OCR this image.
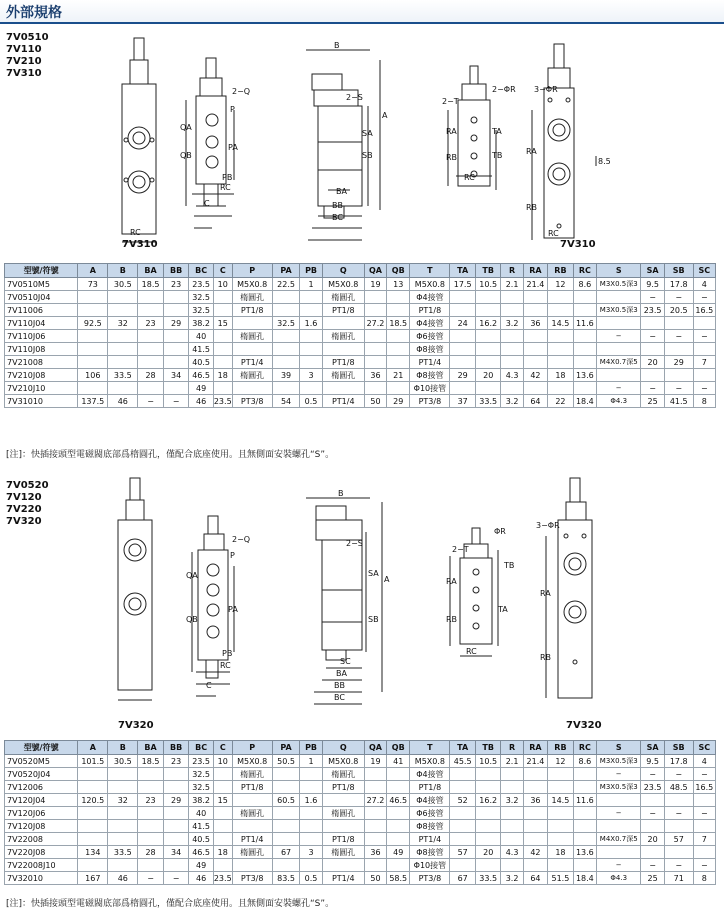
外部規格
7V0510
7V110
7V210
7V310
RC
2−Q
P
QA
QB
PA
PB
RC
C
B
A
2−S
SA
SB
BA
BB
BC
2−T
2−ΦR
RA
RB
TA
TB
RC
3−ΦR
RA
RB
8.5
RC
7V310	7V310
型號/符號	A	B	BA	BB	BC	C	P	PA	PB	Q	QA	QB	T	TA	TB	R	RA	RB	RC	S	SA	SB	SC
7V0510M5	73	30.5	18.5	23	23.5	10	M5X0.8	22.5	1	M5X0.8	19	13	M5X0.8	17.5	10.5	2.1	21.4	12	8.6	M3X0.5深3	9.5	17.8	4
7V0510J04					32.5		楕圓孔			楕圓孔			Φ4接管								−	−	−
7V11006					32.5		PT1/8			PT1/8			PT1/8							M3X0.5深3	23.5	20.5	16.5
7V110J04	92.5	32	23	29	38.2	15		32.5	1.6		27.2	18.5	Φ4接管	24	16.2	3.2	36	14.5	11.6				
7V110J06					40		楕圓孔			楕圓孔			Φ6接管							−	−	−	−
7V110J08					41.5								Φ8接管										
7V21008					40.5		PT1/4			PT1/8			PT1/4							M4X0.7深5	20	29	7
7V210J08	106	33.5	28	34	46.5	18	楕圓孔	39	3	楕圓孔	36	21	Φ8接管	29	20	4.3	42	18	13.6				
7V210J10					49								Φ10接管							−	−	−	−
7V31010	137.5	46	−	−	46	23.5	PT3/8	54	0.5	PT1/4	50	29	PT3/8	37	33.5	3.2	64	22	18.4	Φ4.3	25	41.5	8
[注]：快插接頭型電磁閥底部爲楕圓孔，僅配合底座使用。且無側面安裝螺孔“S”。
7V0520
7V120
7V220
7V320
2−Q
P
QA
QB
PA
PB
RC
C
B
A
2−S
SA
SB
SC
BA
BB
BC
2−T
ΦR
RA
RB
TA
TB
RC
3−ΦR
RA
RB
7V320	7V320
型號/符號	A	B	BA	BB	BC	C	P	PA	PB	Q	QA	QB	T	TA	TB	R	RA	RB	RC	S	SA	SB	SC
7V0520M5	101.5	30.5	18.5	23	23.5	10	M5X0.8	50.5	1	M5X0.8	19	41	M5X0.8	45.5	10.5	2.1	21.4	12	8.6	M3X0.5深3	9.5	17.8	4
7V0520J04					32.5		楕圓孔			楕圓孔			Φ4接管							−	−	−	−
7V12006					32.5		PT1/8			PT1/8			PT1/8							M3X0.5深3	23.5	48.5	16.5
7V120J04	120.5	32	23	29	38.2	15		60.5	1.6		27.2	46.5	Φ4接管	52	16.2	3.2	36	14.5	11.6				
7V120J06					40		楕圓孔			楕圓孔			Φ6接管							−	−	−	−
7V120J08					41.5								Φ8接管										
7V22008					40.5		PT1/4			PT1/8			PT1/4							M4X0.7深5	20	57	7
7V220J08	134	33.5	28	34	46.5	18	楕圓孔	67	3	楕圓孔	36	49	Φ8接管	57	20	4.3	42	18	13.6				
7V22008J10					49								Φ10接管							−	−	−	−
7V32010	167	46	−	−	46	23.5	PT3/8	83.5	0.5	PT1/4	50	58.5	PT3/8	67	33.5	3.2	64	51.5	18.4	Φ4.3	25	71	8
[注]：快插接頭型電磁閥底部爲楕圓孔，僅配合底座使用。且無側面安裝螺孔“S”。
